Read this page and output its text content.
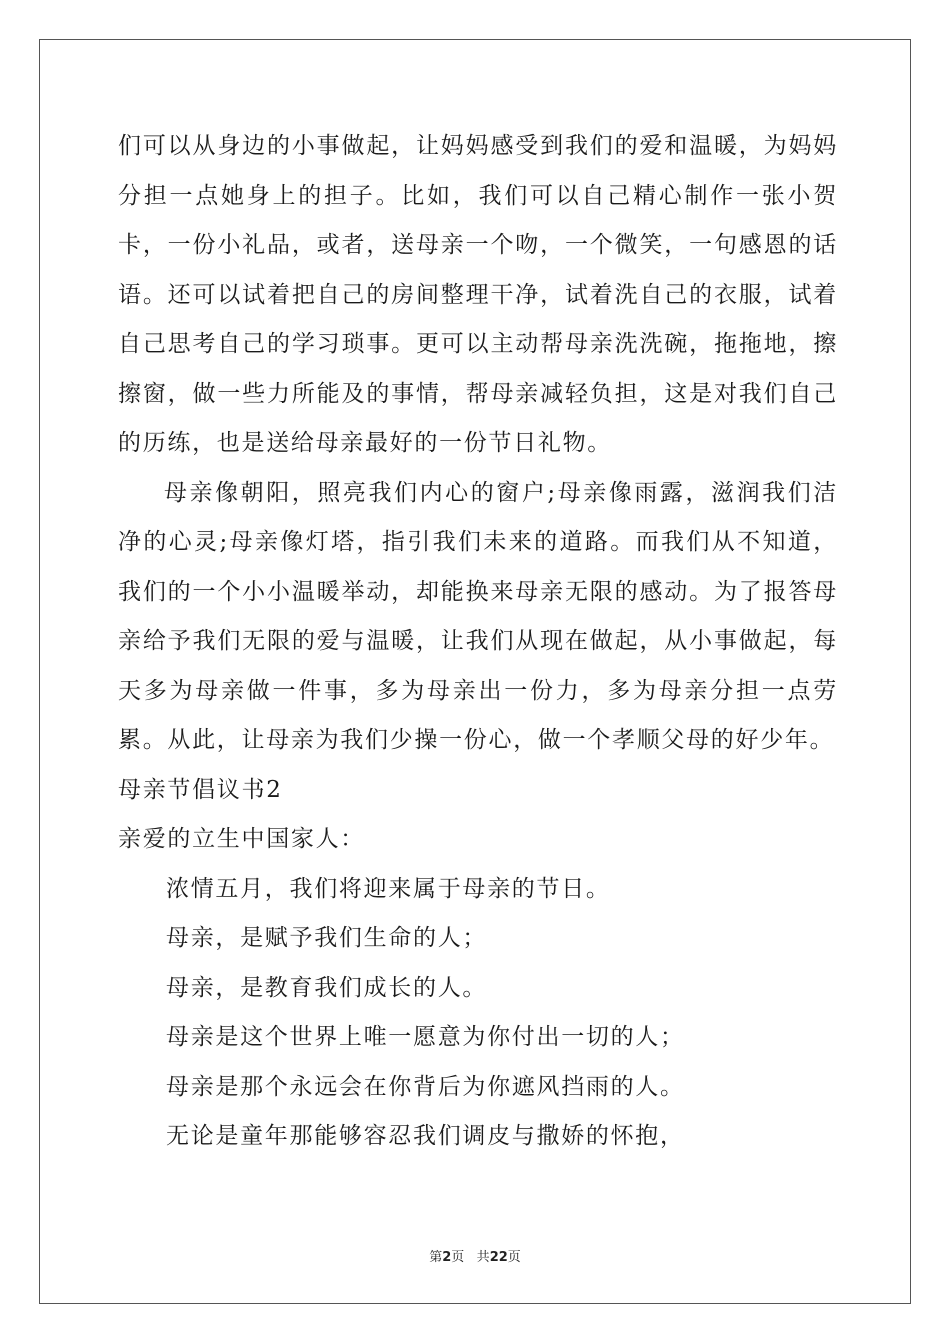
们可以从身边的小事做起，让妈妈感受到我们的爱和温暖，为妈妈分担一点她身上的担子。比如，我们可以自己精心制作一张小贺卡，一份小礼品，或者，送母亲一个吻，一个微笑，一句感恩的话语。还可以试着把自己的房间整理干净，试着洗自己的衣服，试着自己思考自己的学习琐事。更可以主动帮母亲洗洗碗，拖拖地，擦擦窗，做一些力所能及的事情，帮母亲减轻负担，这是对我们自己的历练，也是送给母亲最好的一份节日礼物。

母亲像朝阳，照亮我们内心的窗户;母亲像雨露，滋润我们洁净的心灵;母亲像灯塔，指引我们未来的道路。而我们从不知道，我们的一个小小温暖举动，却能换来母亲无限的感动。为了报答母亲给予我们无限的爱与温暖，让我们从现在做起，从小事做起，每天多为母亲做一件事，多为母亲出一份力，多为母亲分担一点劳累。从此，让母亲为我们少操一份心，做一个孝顺父母的好少年。

母亲节倡议书2

亲爱的立生中国家人：

浓情五月，我们将迎来属于母亲的节日。

母亲，是赋予我们生命的人；

母亲，是教育我们成长的人。

母亲是这个世界上唯一愿意为你付出一切的人；

母亲是那个永远会在你背后为你遮风挡雨的人。

无论是童年那能够容忍我们调皮与撒娇的怀抱，

第2页 共22页
